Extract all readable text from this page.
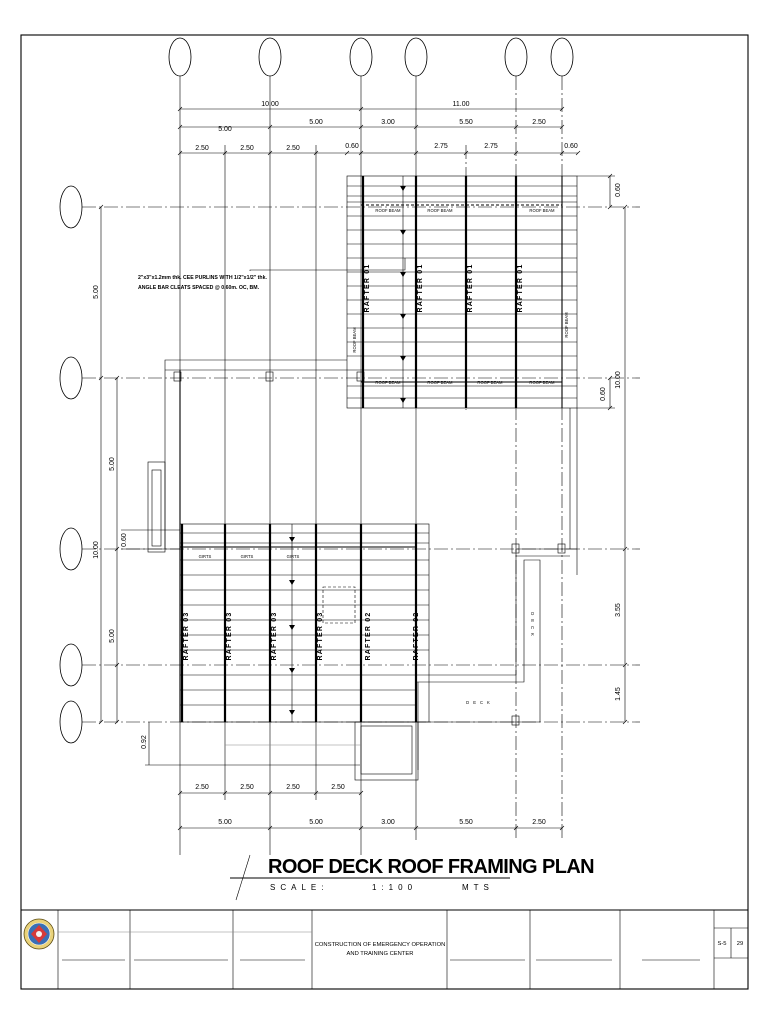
10.00	11.00
5.00
5.00	3.00	5.50	2.50
2.50	2.50	2.50	0.60	2.75	2.75	0.60
2.50	2.50	2.50	2.50
5.00	5.00	3.00	5.50	2.50
5.00
5.00
10.00
5.00
0.60
0.92
0.60
0.60
10.00
3.55
1.45
ROOF BEAM	ROOF BEAM	ROOF BEAM
ROOF BEAM	ROOF BEAM	ROOF BEAM	ROOF BEAM
ROOF BEAM
ROOF BEAM
RAFTER 01	RAFTER 01	RAFTER 01	RAFTER 01
2"x3"x1.2mm thk. CEE PURLINS WITH 1/2"x1/2" thk.
ANGLE BAR CLEATS SPACED @ 0.60m. OC, BM.
GIRTS	GIRTS	GIRTS
RAFTER 03	RAFTER 03	RAFTER 03	RAFTER 03	RAFTER 02	RAFTER 02
DECK
DECK
ROOF DECK ROOF FRAMING PLAN
SCALE:	1:100	MTS
CONSTRUCTION OF EMERGENCY OPERATION
AND TRAINING CENTER
S-5 29
